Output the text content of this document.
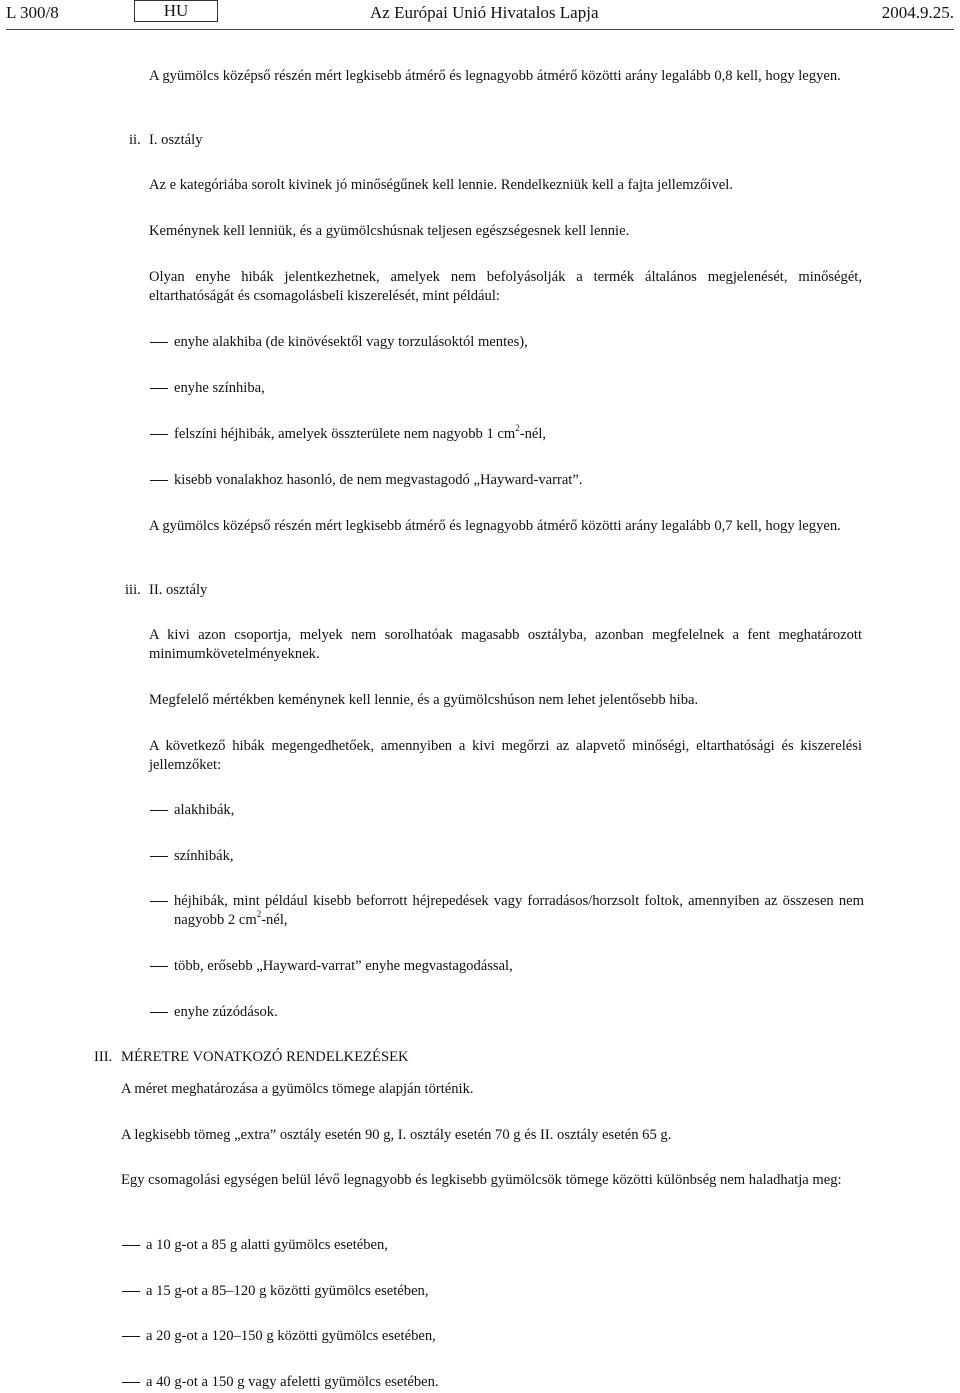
L 300/8	HU	Az Európai Unió Hivatalos Lapja	2004.9.25.

A gyümölcs középső részén mért legkisebb átmérő és legnagyobb átmérő közötti arány legalább 0,8 kell, hogy legyen.

ii. I. osztály

Az e kategóriába sorolt kivinek jó minőségűnek kell lennie. Rendelkezniük kell a fajta jellemzőivel.

Keménynek kell lenniük, és a gyümölcshúsnak teljesen egészségesnek kell lennie.

Olyan enyhe hibák jelentkezhetnek, amelyek nem befolyásolják a termék általános megjelenését, minőségét, eltarthatóságát és csomagolásbeli kiszerelését, mint például:

enyhe alakhiba (de kinövésektől vagy torzulásoktól mentes),
enyhe színhiba,
felszíni héjhibák, amelyek összterülete nem nagyobb 1 $cm^2$-nél,
kisebb vonalakhoz hasonló, de nem megvastagodó „Hayward-varrat”.

A gyümölcs középső részén mért legkisebb átmérő és legnagyobb átmérő közötti arány legalább 0,7 kell, hogy legyen.

iii. II. osztály

A kivi azon csoportja, melyek nem sorolhatóak magasabb osztályba, azonban megfelelnek a fent meghatározott minimumkövetelményeknek.

Megfelelő mértékben keménynek kell lennie, és a gyümölcshúson nem lehet jelentősebb hiba.

A következő hibák megengedhetőek, amennyiben a kivi megőrzi az alapvető minőségi, eltarthatósági és kiszerelési jellemzőket:

alakhibák,
színhibák,
héjhibák, mint például kisebb beforrott héjrepedések vagy forradásos/horzsolt foltok, amennyiben az összesen nem nagyobb 2 $cm^2$-nél,
több, erősebb „Hayward-varrat” enyhe megvastagodással,
enyhe zúzódások.
III. MÉRETRE VONATKOZÓ RENDELKEZÉSEK

A méret meghatározása a gyümölcs tömege alapján történik.

A legkisebb tömeg „extra” osztály esetén 90 g, I. osztály esetén 70 g és II. osztály esetén 65 g.

Egy csomagolási egységen belül lévő legnagyobb és legkisebb gyümölcsök tömege közötti különbség nem haladhatja meg:

a 10 g-ot a 85 g alatti gyümölcs esetében,
a 15 g-ot a 85–120 g közötti gyümölcs esetében,
a 20 g-ot a 120–150 g közötti gyümölcs esetében,
a 40 g-ot a 150 g vagy afeletti gyümölcs esetében.
